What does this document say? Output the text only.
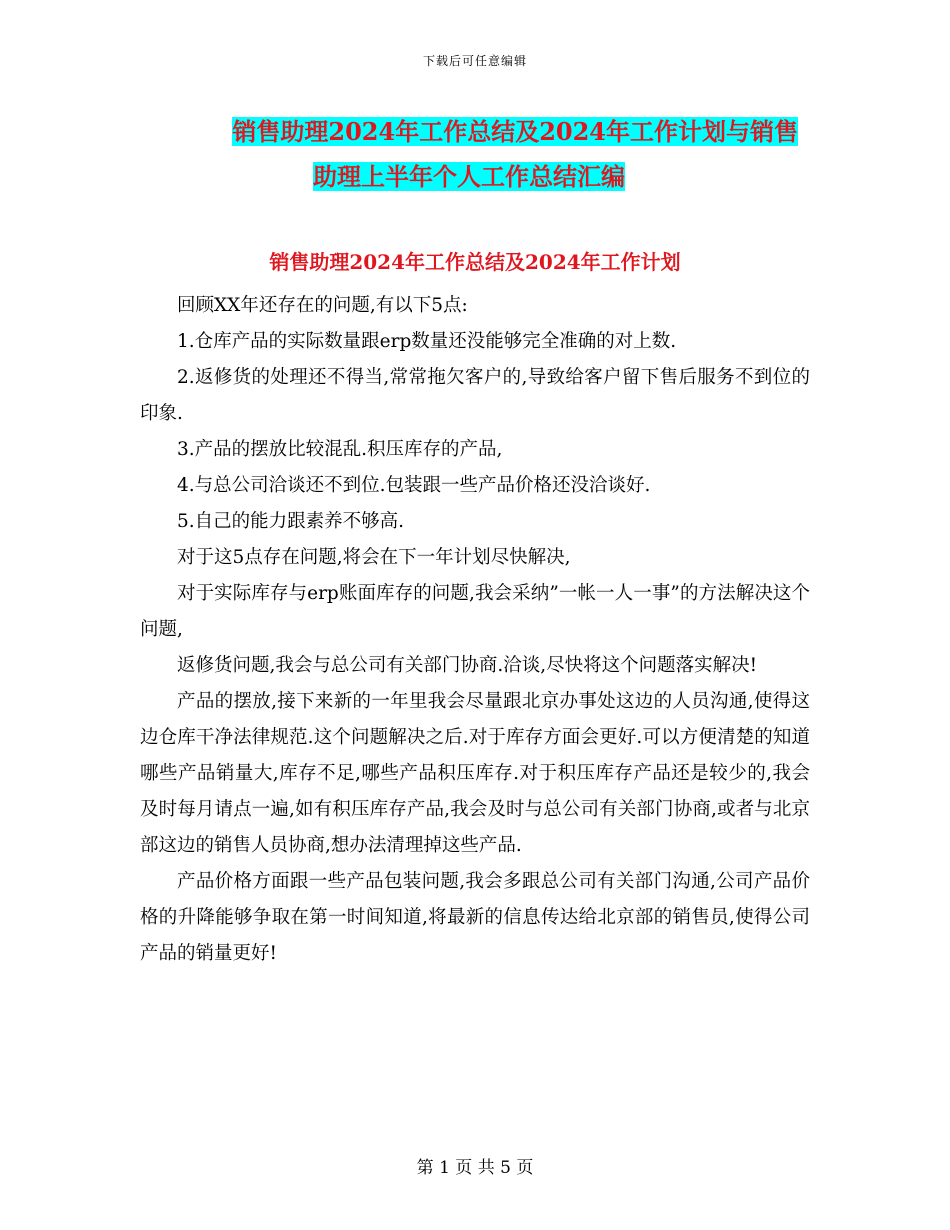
下载后可任意编辑
销售助理2024年工作总结及2024年工作计划与销售
助理上半年个人工作总结汇编
销售助理2024年工作总结及2024年工作计划

回顾XX年还存在的问题,有以下5点:

1.仓库产品的实际数量跟erp数量还没能够完全准确的对上数.

2.返修货的处理还不得当,常常拖欠客户的,导致给客户留下售后服务不到位的印象.

3.产品的摆放比较混乱.积压库存的产品,

4.与总公司洽谈还不到位.包装跟一些产品价格还没洽谈好.

5.自己的能力跟素养不够高.

对于这5点存在问题,将会在下一年计划尽快解决,

对于实际库存与erp账面库存的问题,我会采纳”一帐一人一事”的方法解决这个问题,

返修货问题,我会与总公司有关部门协商.洽谈,尽快将这个问题落实解决!

产品的摆放,接下来新的一年里我会尽量跟北京办事处这边的人员沟通,使得这边仓库干净法律规范.这个问题解决之后.对于库存方面会更好.可以方便清楚的知道哪些产品销量大,库存不足,哪些产品积压库存.对于积压库存产品还是较少的,我会及时每月请点一遍,如有积压库存产品,我会及时与总公司有关部门协商,或者与北京部这边的销售人员协商,想办法清理掉这些产品.

产品价格方面跟一些产品包装问题,我会多跟总公司有关部门沟通,公司产品价格的升降能够争取在第一时间知道,将最新的信息传达给北京部的销售员,使得公司产品的销量更好!

第 1 页 共 5 页
